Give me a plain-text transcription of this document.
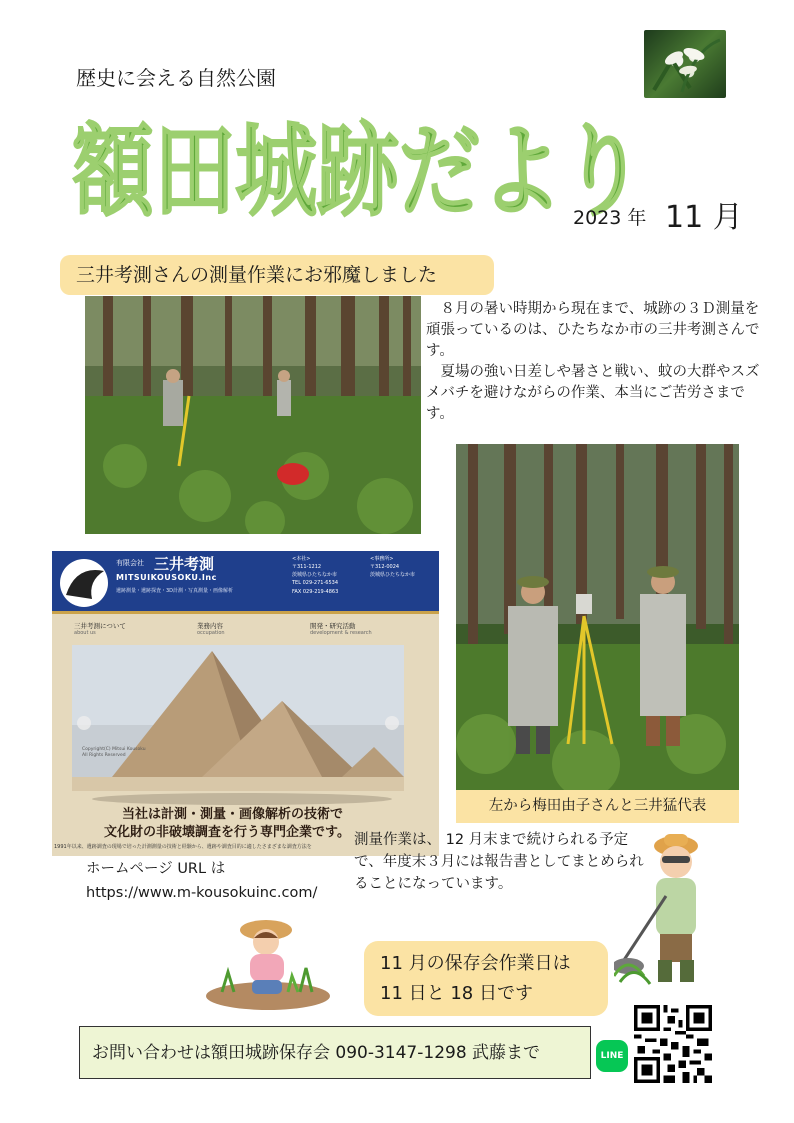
歴史に会える自然公園
額田城跡だより
2023 年 11 月
三井考測さんの測量作業にお邪魔しました

８月の暑い時期から現在まで、城跡の３Ｄ測量を頑張っているのは、ひたちなか市の三井考測さんです。

夏場の強い日差しや暑さと戦い、蚊の大群やスズメバチを避けながらの作業、本当にご苦労さまです。

左から梅田由子さんと三井猛代表
有限会社 三井考測
MITSUIKOUSOKU.Inc
遺跡測量・遺跡探査・3D計測・写真測量・画像解析
<本社>
〒311-1212
茨城県ひたちなか市
TEL 029-271-6534
FAX 029-219-4863
<事務所>
〒312-0024
茨城県ひたちなか市
三井考測について
about us
業務内容
occupation
開発・研究活動
development & research
Copyright(C) Mitsui Kousoku All Rights Reserved
当社は計測・測量・画像解析の技術で
文化財の非破壊調査を行う専門企業です。
1991年以来、遺跡調査の現場で培った計測測量の技術と経験から、遺跡や調査目的に適したさまざまな調査方法を
ホームページ URL は
https://www.m-kousokuinc.com/

測量作業は、 12 月末まで続けられる予定で、年度末３月には報告書としてまとめられることになっています。

11 月の保存会作業日は
11 日と 18 日です
お問い合わせは額田城跡保存会 090-3147-1298 武藤まで	LINE
